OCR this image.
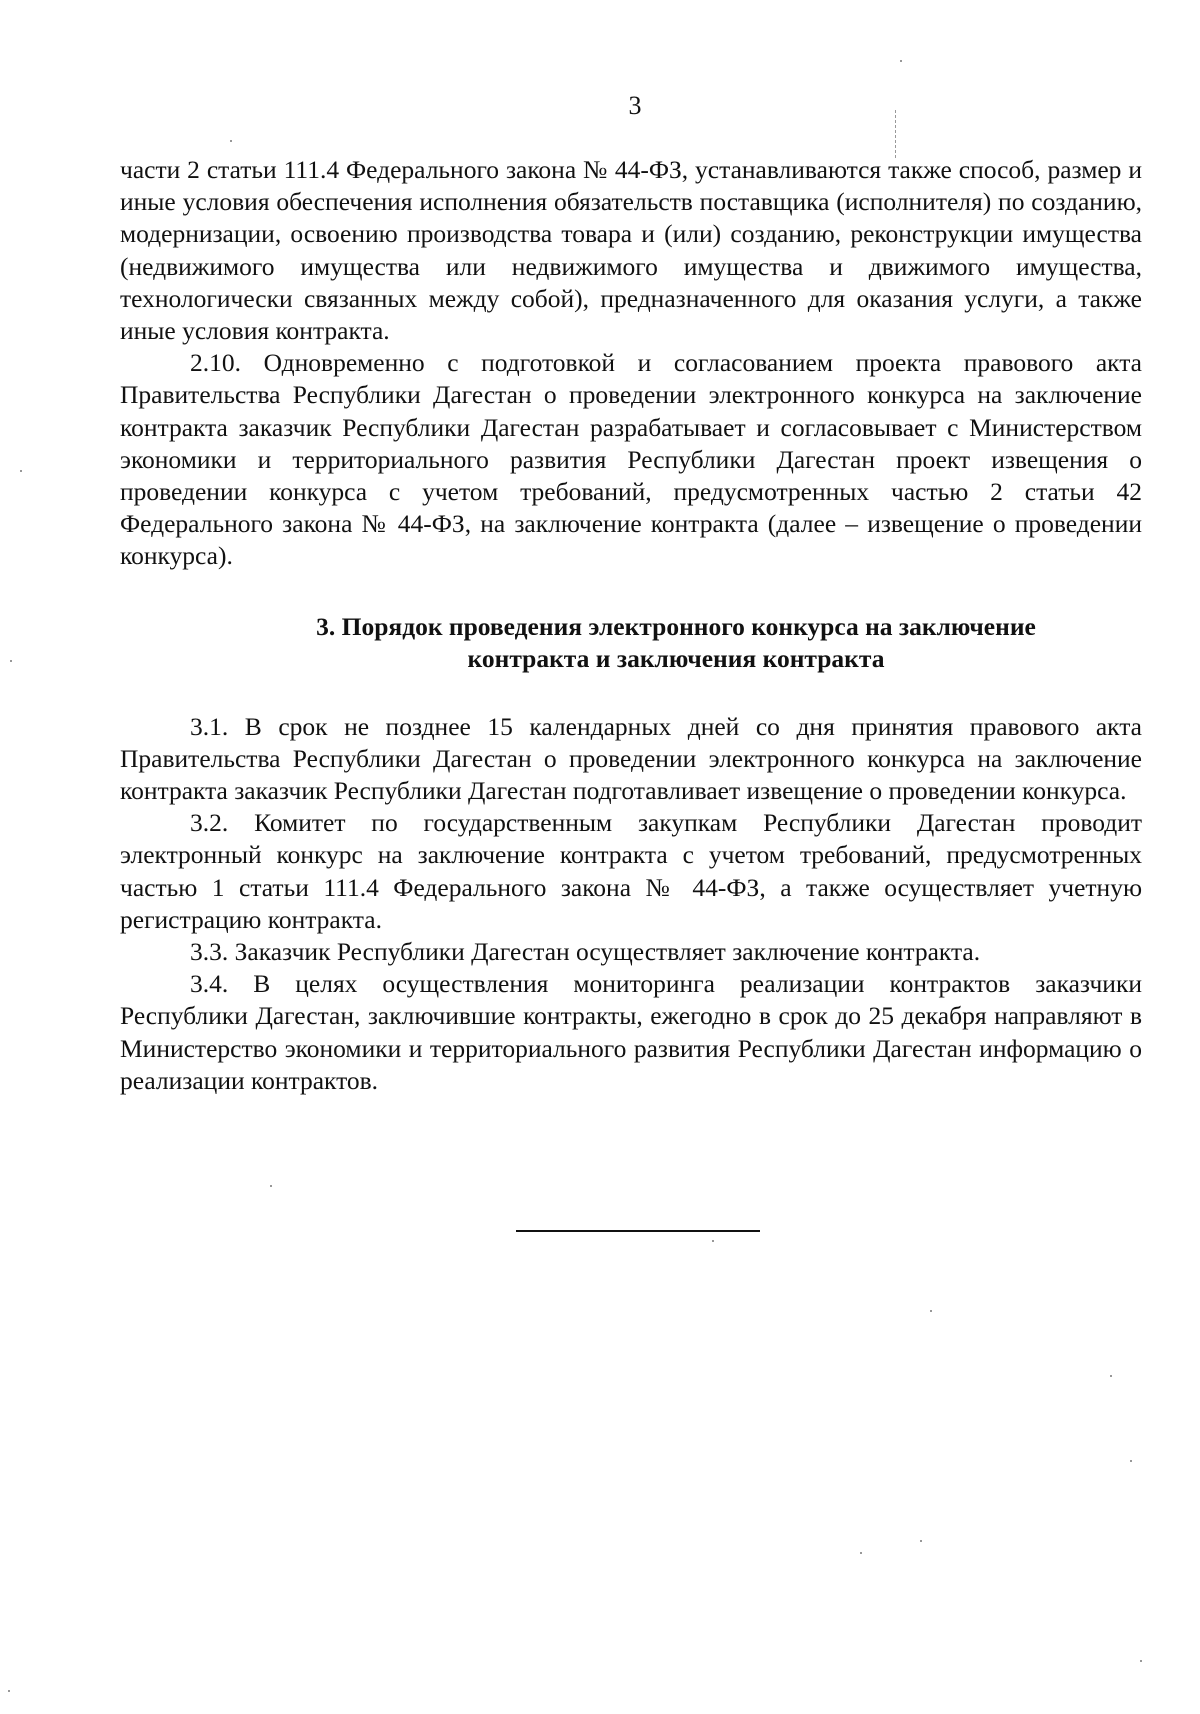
3

части 2 статьи 111.4 Федерального закона № 44-ФЗ, устанавливаются также способ, размер и иные условия обеспечения исполнения обязательств поставщика (исполнителя) по созданию, модернизации, освоению производства товара и (или) созданию, реконструкции имущества (недвижимого имущества или недвижимого имущества и движимого имущества, технологически связанных между собой), предназначенного для оказания услуги, а также иные условия контракта.

2.10. Одновременно с подготовкой и согласованием проекта правового акта Правительства Республики Дагестан о проведении электронного конкурса на заключение контракта заказчик Республики Дагестан разрабатывает и согласовывает с Министерством экономики и территориального развития Республики Дагестан проект извещения о проведении конкурса с учетом требований, предусмотренных частью 2 статьи 42 Федерального закона № 44-ФЗ, на заключение контракта (далее – извещение о проведении конкурса).

3. Порядок проведения электронного конкурса на заключение
контракта и заключения контракта

3.1. В срок не позднее 15 календарных дней со дня принятия правового акта Правительства Республики Дагестан о проведении электронного конкурса на заключение контракта заказчик Республики Дагестан подготавливает извещение о проведении конкурса.

3.2. Комитет по государственным закупкам Республики Дагестан проводит электронный конкурс на заключение контракта с учетом требований, предусмотренных частью 1 статьи 111.4 Федерального закона № 44-ФЗ, а также осуществляет учетную регистрацию контракта.

3.3. Заказчик Республики Дагестан осуществляет заключение контракта.

3.4. В целях осуществления мониторинга реализации контрактов заказчики Республики Дагестан, заключившие контракты, ежегодно в срок до 25 декабря направляют в Министерство экономики и территориального развития Республики Дагестан информацию о реализации контрактов.
